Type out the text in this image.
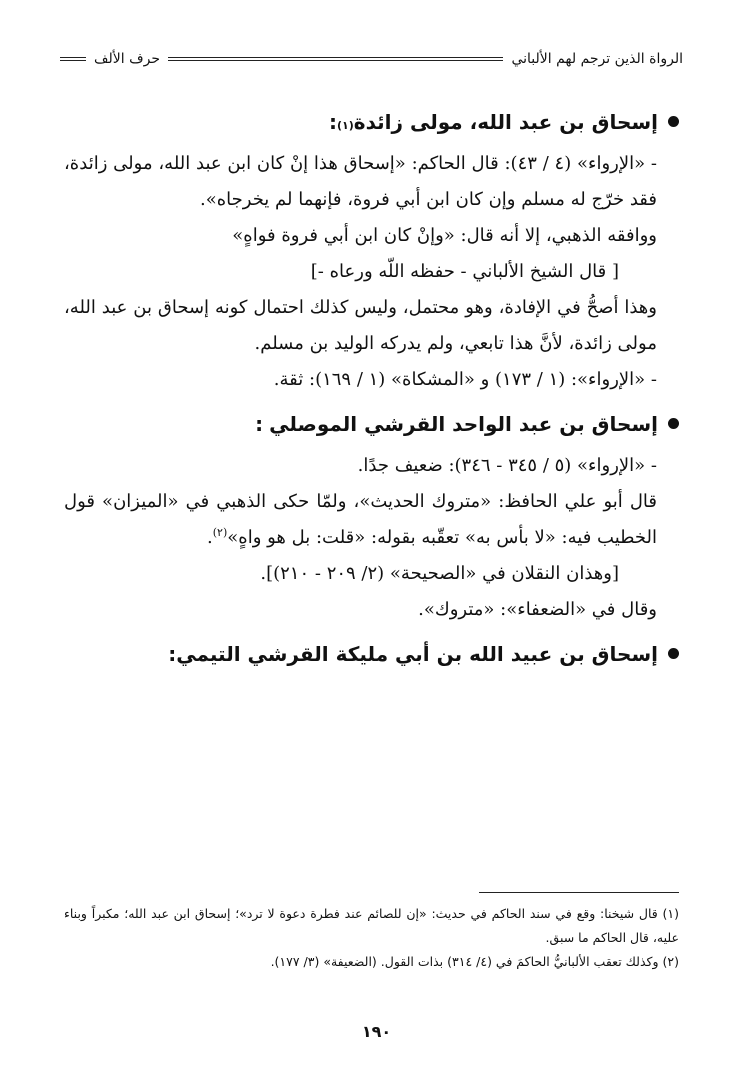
الرواة الذين ترجم لهم الألباني
حرف الألف
إسحاق بن عبد الله، مولى زائدة
(١)
:

- «الإرواء» (٤ / ٤٣): قال الحاكم: «إسحاق هذا إنْ كان ابن عبد الله، مولى زائدة، فقد خرّج له مسلم وإن كان ابن أبي فروة، فإنهما لم يخرجاه».

ووافقه الذهبي، إلا أنه قال: «وإنْ كان ابن أبي فروة فواهٍ»

[ قال الشيخ الألباني - حفظه اللّه ورعاه -]

وهذا أصحُّ في الإفادة، وهو محتمل، وليس كذلك احتمال كونه إسحاق بن عبد الله، مولى زائدة، لأنَّ هذا تابعي، ولم يدركه الوليد بن مسلم.

- «الإرواء»: (١ / ١٧٣) و «المشكاة» (١ / ١٦٩): ثقة.

إسحاق بن عبد الواحد القرشي الموصلي
:

- «الإرواء» (٥ / ٣٤٥ - ٣٤٦): ضعيف جدًا.

قال أبو علي الحافظ: «متروك الحديث»، ولمّا حكى الذهبي في «الميزان» قول الخطيب فيه: «لا بأس به» تعقّبه بقوله: «قلت: بل هو واهٍ»$^{(٢)}$.

[وهذان النقلان في «الصحيحة» (٢/ ٢٠٩ - ٢١٠)].

وقال في «الضعفاء»: «متروك».

إسحاق بن عبيد الله بن أبي مليكة القرشي التيمي
:

(١) قال شيخنا: وقع في سند الحاكم في حديث: «إن للصائم عند فطرة دعوة لا ترد»؛ إسحاق ابن عبد الله؛ مكبراً وبناء عليه، قال الحاكم ما سبق.

(٢) وكذلك تعقب الألبانيُّ الحاكمَ في (٤/ ٣١٤) بذات القول. (الضعيفة» (٣/ ١٧٧).

١٩٠
